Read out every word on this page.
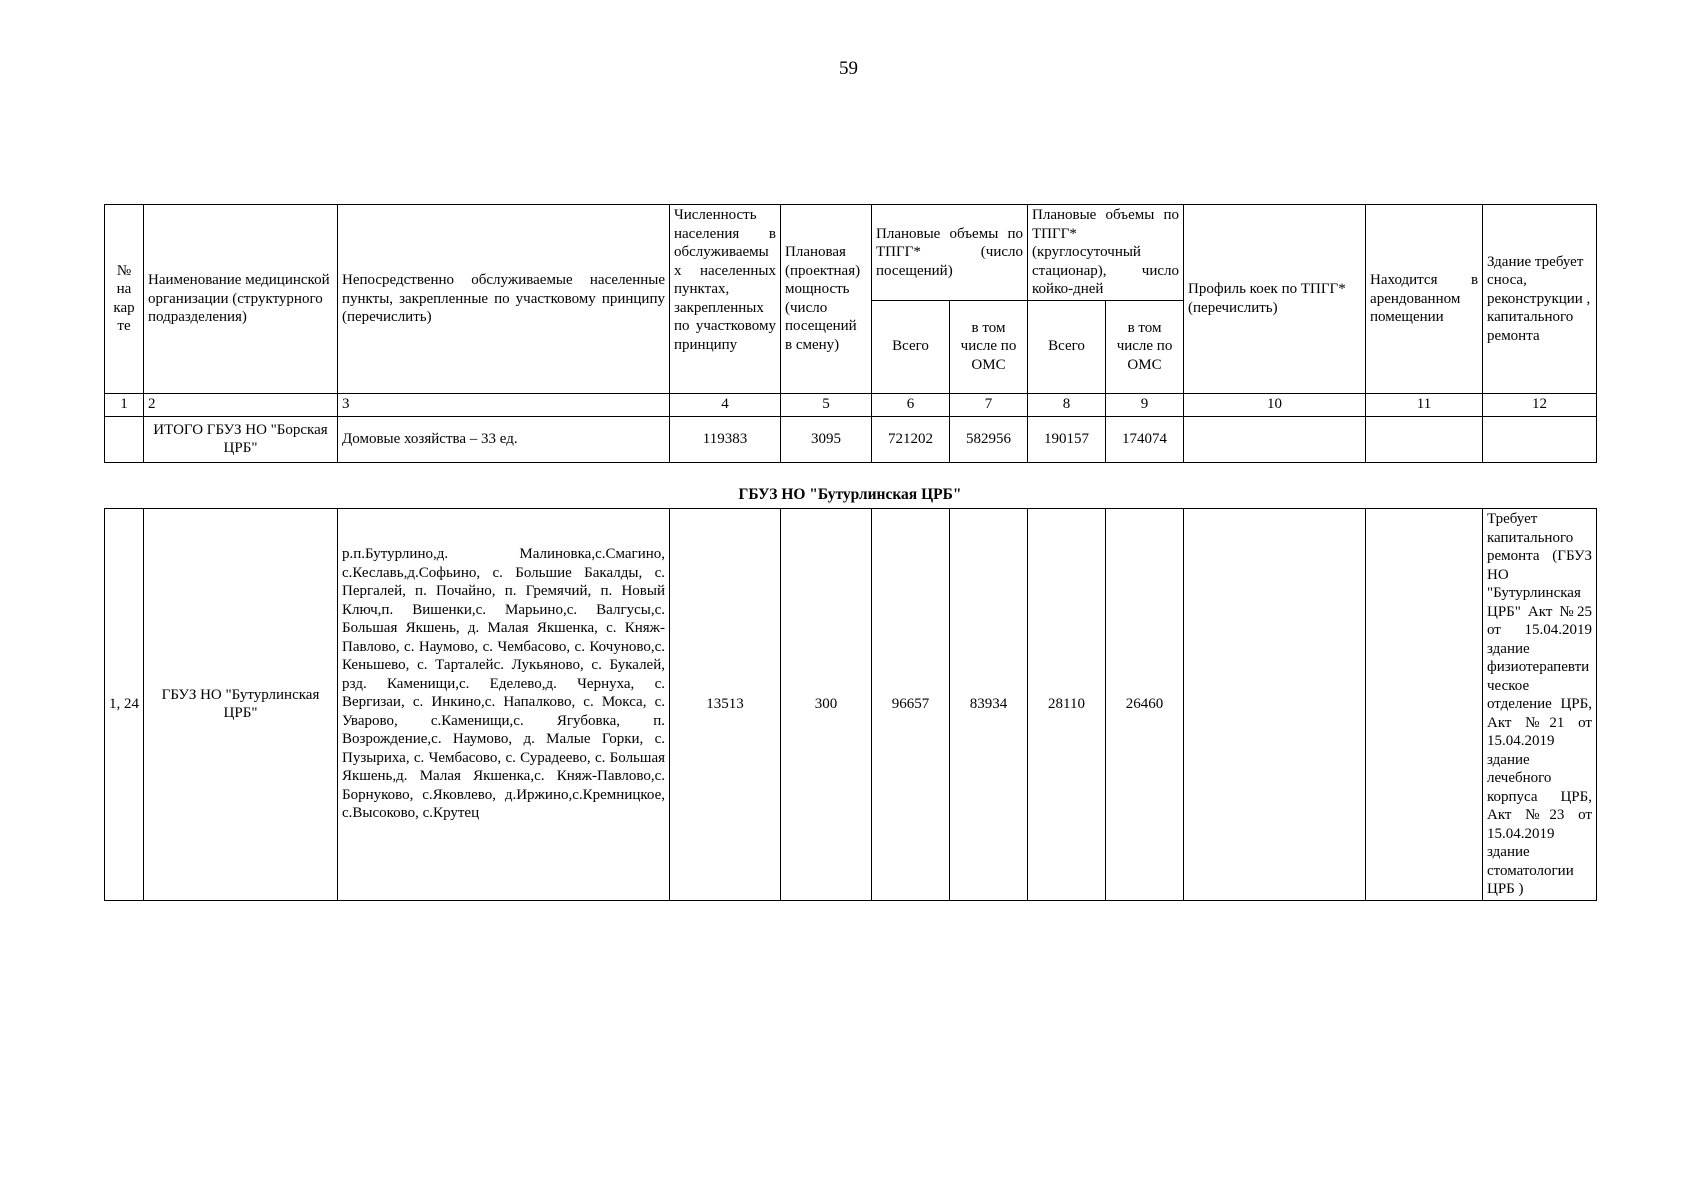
59
№ на кар те	Наименование медицинской организации (структурного подразделения)	Непосредственно обслуживаемые населенные пункты, закрепленные по участковому принципу (перечислить)	Численность населения в обслуживаемых населенных пунктах, закрепленных по участковому принципу	Плановая (проектная) мощность (число посещений в смену)	Плановые объемы по ТПГГ* (число посещений)		Плановые объемы по ТПГГ* (круглосуточный стационар), число койко-дней		Профиль коек по ТПГГ* (перечислить)	Находится в арендованном помещении	Здание требует сноса, реконструкции , капитального ремонта
					Всего	в том числе по ОМС	Всего	в том числе по ОМС			
1	2	3	4	5	6	7	8	9	10	11	12
	ИТОГО ГБУЗ НО "Борская ЦРБ"	Домовые хозяйства – 33 ед.	119383	3095	721202	582956	190157	174074			
ГБУЗ НО "Бутурлинская ЦРБ"
1, 24	ГБУЗ НО "Бутурлинская ЦРБ"	р.п.Бутурлино,д. Малиновка,с.Смагино, с.Кеславь,д.Софьино, с. Большие Бакалды, с. Пергалей, п. Почайно, п. Гремячий, п. Новый Ключ,п. Вишенки,с. Марьино,с. Валгусы,с. Большая Якшень, д. Малая Якшенка, с. Княж-Павлово, с. Наумово, с. Чембасово, с. Кочуново,с. Кеньшево, с. Тарталейс. Лукьяново, с. Букалей, рзд. Каменищи,с. Еделево,д. Чернуха, с. Вергизаи, с. Инкино,с. Напалково, с. Мокса, с. Уварово, с.Каменищи,с. Ягубовка, п. Возрождение,с. Наумово, д. Малые Горки, с. Пузыриха, с. Чембасово, с. Сурадеево, с. Большая Якшень,д. Малая Якшенка,с. Княж-Павлово,с. Борнуково, с.Яковлево, д.Иржино,с.Кремницкое, с.Высоково, с.Крутец	13513	300	96657	83934	28110	26460			Требует капитального ремонта (ГБУЗ НО "Бутурлинская ЦРБ" Акт №25 от 15.04.2019 здание физиотерапевтическое отделение ЦРБ, Акт №21 от 15.04.2019 здание лечебного корпуса ЦРБ, Акт №23 от 15.04.2019 здание стоматологии ЦРБ )
